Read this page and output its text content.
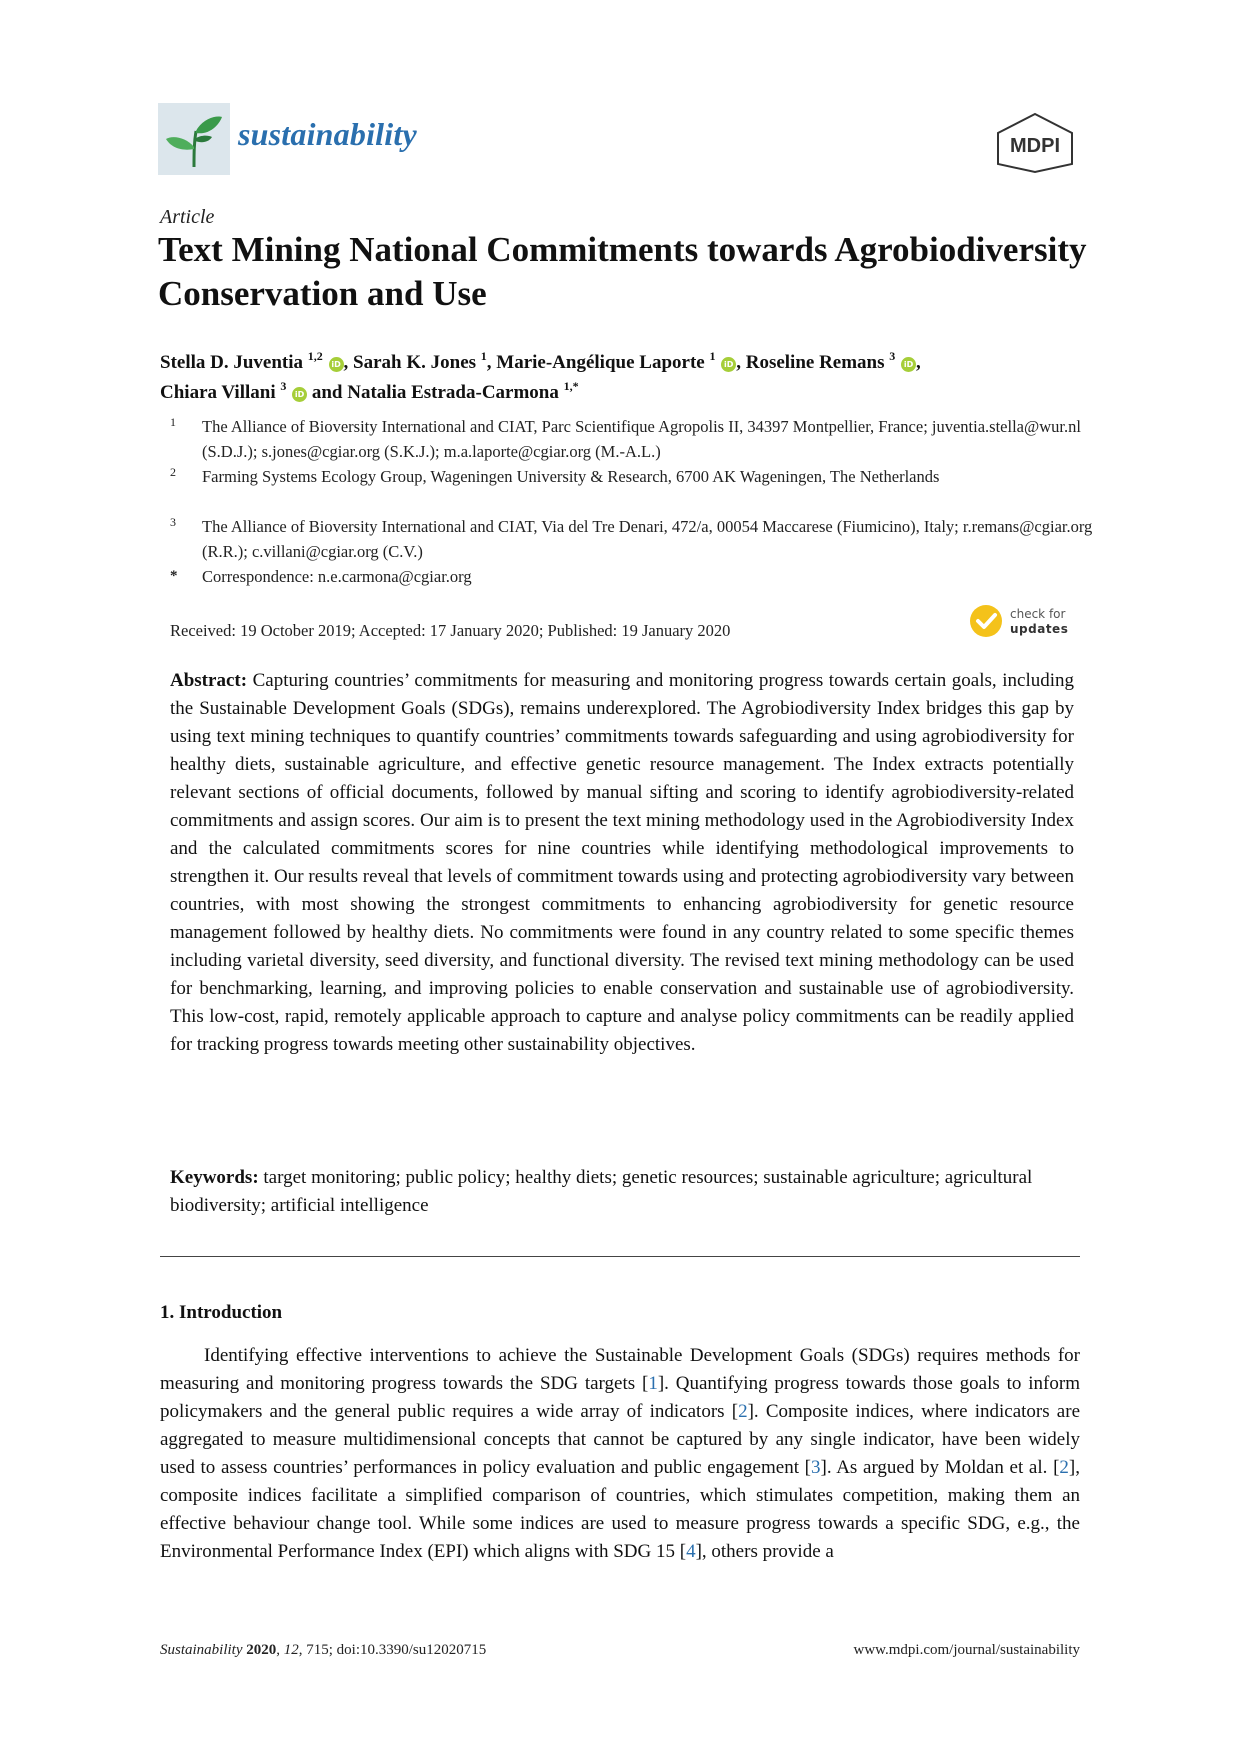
sustainability	MDPI
Article
Text Mining National Commitments towards Agrobiodiversity Conservation and Use
Stella D. Juventia $^{1,2}$ iD , Sarah K. Jones $^1$, Marie-Angélique Laporte $^1$ iD , Roseline Remans $^3$ iD ,
Chiara Villani $^3$ iD and Natalia Estrada-Carmona $^{1,*}$
1 The Alliance of Bioversity International and CIAT, Parc Scientifique Agropolis II, 34397 Montpellier, France; juventia.stella@wur.nl (S.D.J.); s.jones@cgiar.org (S.K.J.); m.a.laporte@cgiar.org (M.-A.L.)
2 Farming Systems Ecology Group, Wageningen University & Research, 6700 AK Wageningen, The Netherlands
3 The Alliance of Bioversity International and CIAT, Via del Tre Denari, 472/a, 00054 Maccarese (Fiumicino), Italy; r.remans@cgiar.org (R.R.); c.villani@cgiar.org (C.V.)
* Correspondence: n.e.carmona@cgiar.org
Received: 19 October 2019; Accepted: 17 January 2020; Published: 19 January 2020
check for
updates
Abstract: Capturing countries’ commitments for measuring and monitoring progress towards certain goals, including the Sustainable Development Goals (SDGs), remains underexplored. The Agrobiodiversity Index bridges this gap by using text mining techniques to quantify countries’ commitments towards safeguarding and using agrobiodiversity for healthy diets, sustainable agriculture, and effective genetic resource management. The Index extracts potentially relevant sections of official documents, followed by manual sifting and scoring to identify agrobiodiversity-related commitments and assign scores. Our aim is to present the text mining methodology used in the Agrobiodiversity Index and the calculated commitments scores for nine countries while identifying methodological improvements to strengthen it. Our results reveal that levels of commitment towards using and protecting agrobiodiversity vary between countries, with most showing the strongest commitments to enhancing agrobiodiversity for genetic resource management followed by healthy diets. No commitments were found in any country related to some specific themes including varietal diversity, seed diversity, and functional diversity. The revised text mining methodology can be used for benchmarking, learning, and improving policies to enable conservation and sustainable use of agrobiodiversity. This low-cost, rapid, remotely applicable approach to capture and analyse policy commitments can be readily applied for tracking progress towards meeting other sustainability objectives.
Keywords: target monitoring; public policy; healthy diets; genetic resources; sustainable agriculture; agricultural biodiversity; artificial intelligence
1. Introduction
Identifying effective interventions to achieve the Sustainable Development Goals (SDGs) requires methods for measuring and monitoring progress towards the SDG targets [1]. Quantifying progress towards those goals to inform policymakers and the general public requires a wide array of indicators [2]. Composite indices, where indicators are aggregated to measure multidimensional concepts that cannot be captured by any single indicator, have been widely used to assess countries’ performances in policy evaluation and public engagement [3]. As argued by Moldan et al. [2], composite indices facilitate a simplified comparison of countries, which stimulates competition, making them an effective behaviour change tool. While some indices are used to measure progress towards a specific SDG, e.g., the Environmental Performance Index (EPI) which aligns with SDG 15 [4], others provide a
Sustainability 2020, 12, 715; doi:10.3390/su12020715	www.mdpi.com/journal/sustainability
